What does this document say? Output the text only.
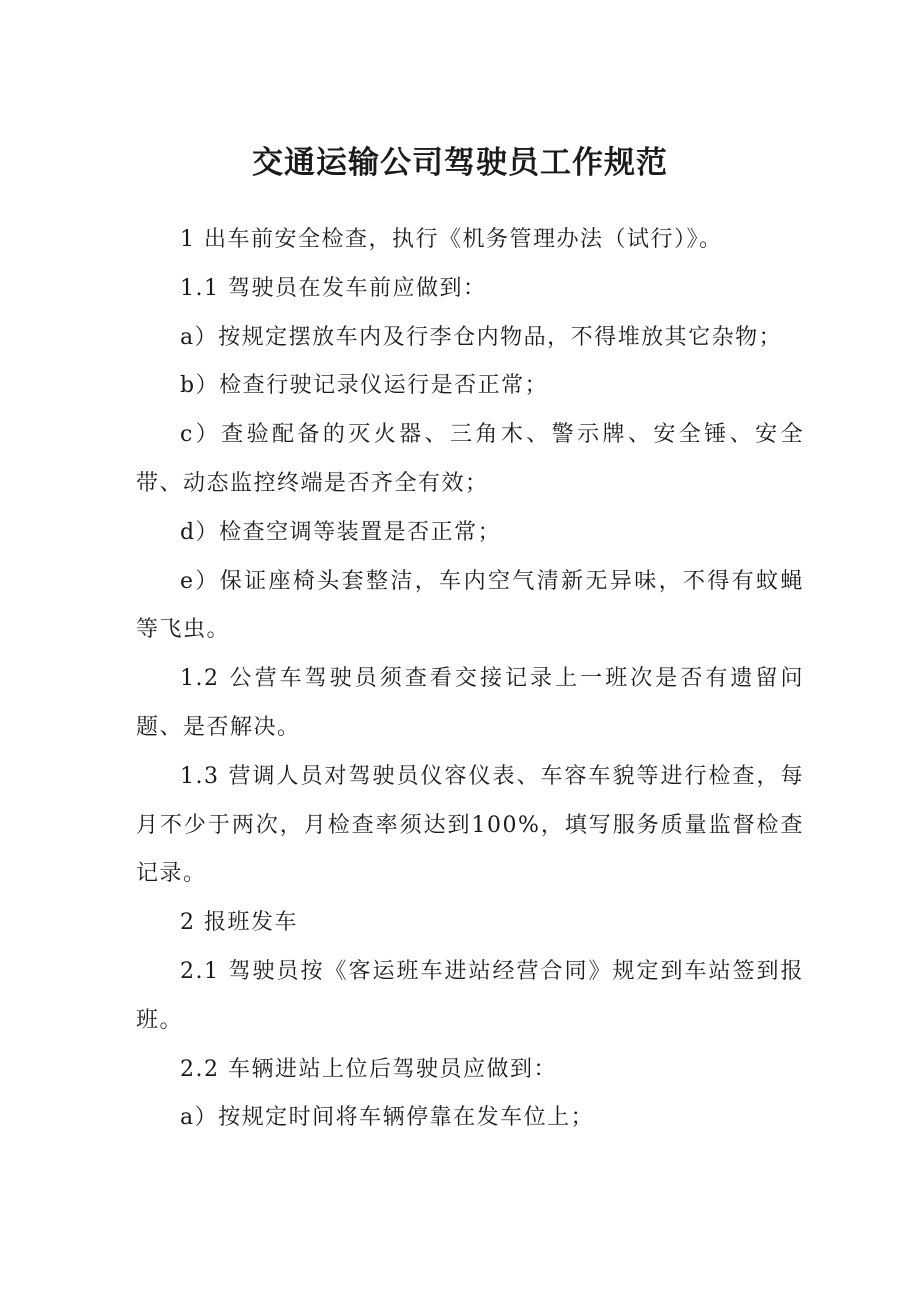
交通运输公司驾驶员工作规范

1 出车前安全检查，执行《机务管理办法（试行）》。

1.1 驾驶员在发车前应做到：

a）按规定摆放车内及行李仓内物品，不得堆放其它杂物；

b）检查行驶记录仪运行是否正常；

c）查验配备的灭火器、三角木、警示牌、安全锤、安全带、动态监控终端是否齐全有效；

d）检查空调等装置是否正常；

e）保证座椅头套整洁，车内空气清新无异味，不得有蚊蝇等飞虫。

1.2 公营车驾驶员须查看交接记录上一班次是否有遗留问题、是否解决。

1.3 营调人员对驾驶员仪容仪表、车容车貌等进行检查，每月不少于两次，月检查率须达到100%，填写服务质量监督检查记录。

2 报班发车

2.1 驾驶员按《客运班车进站经营合同》规定到车站签到报班。

2.2 车辆进站上位后驾驶员应做到：

a）按规定时间将车辆停靠在发车位上；
